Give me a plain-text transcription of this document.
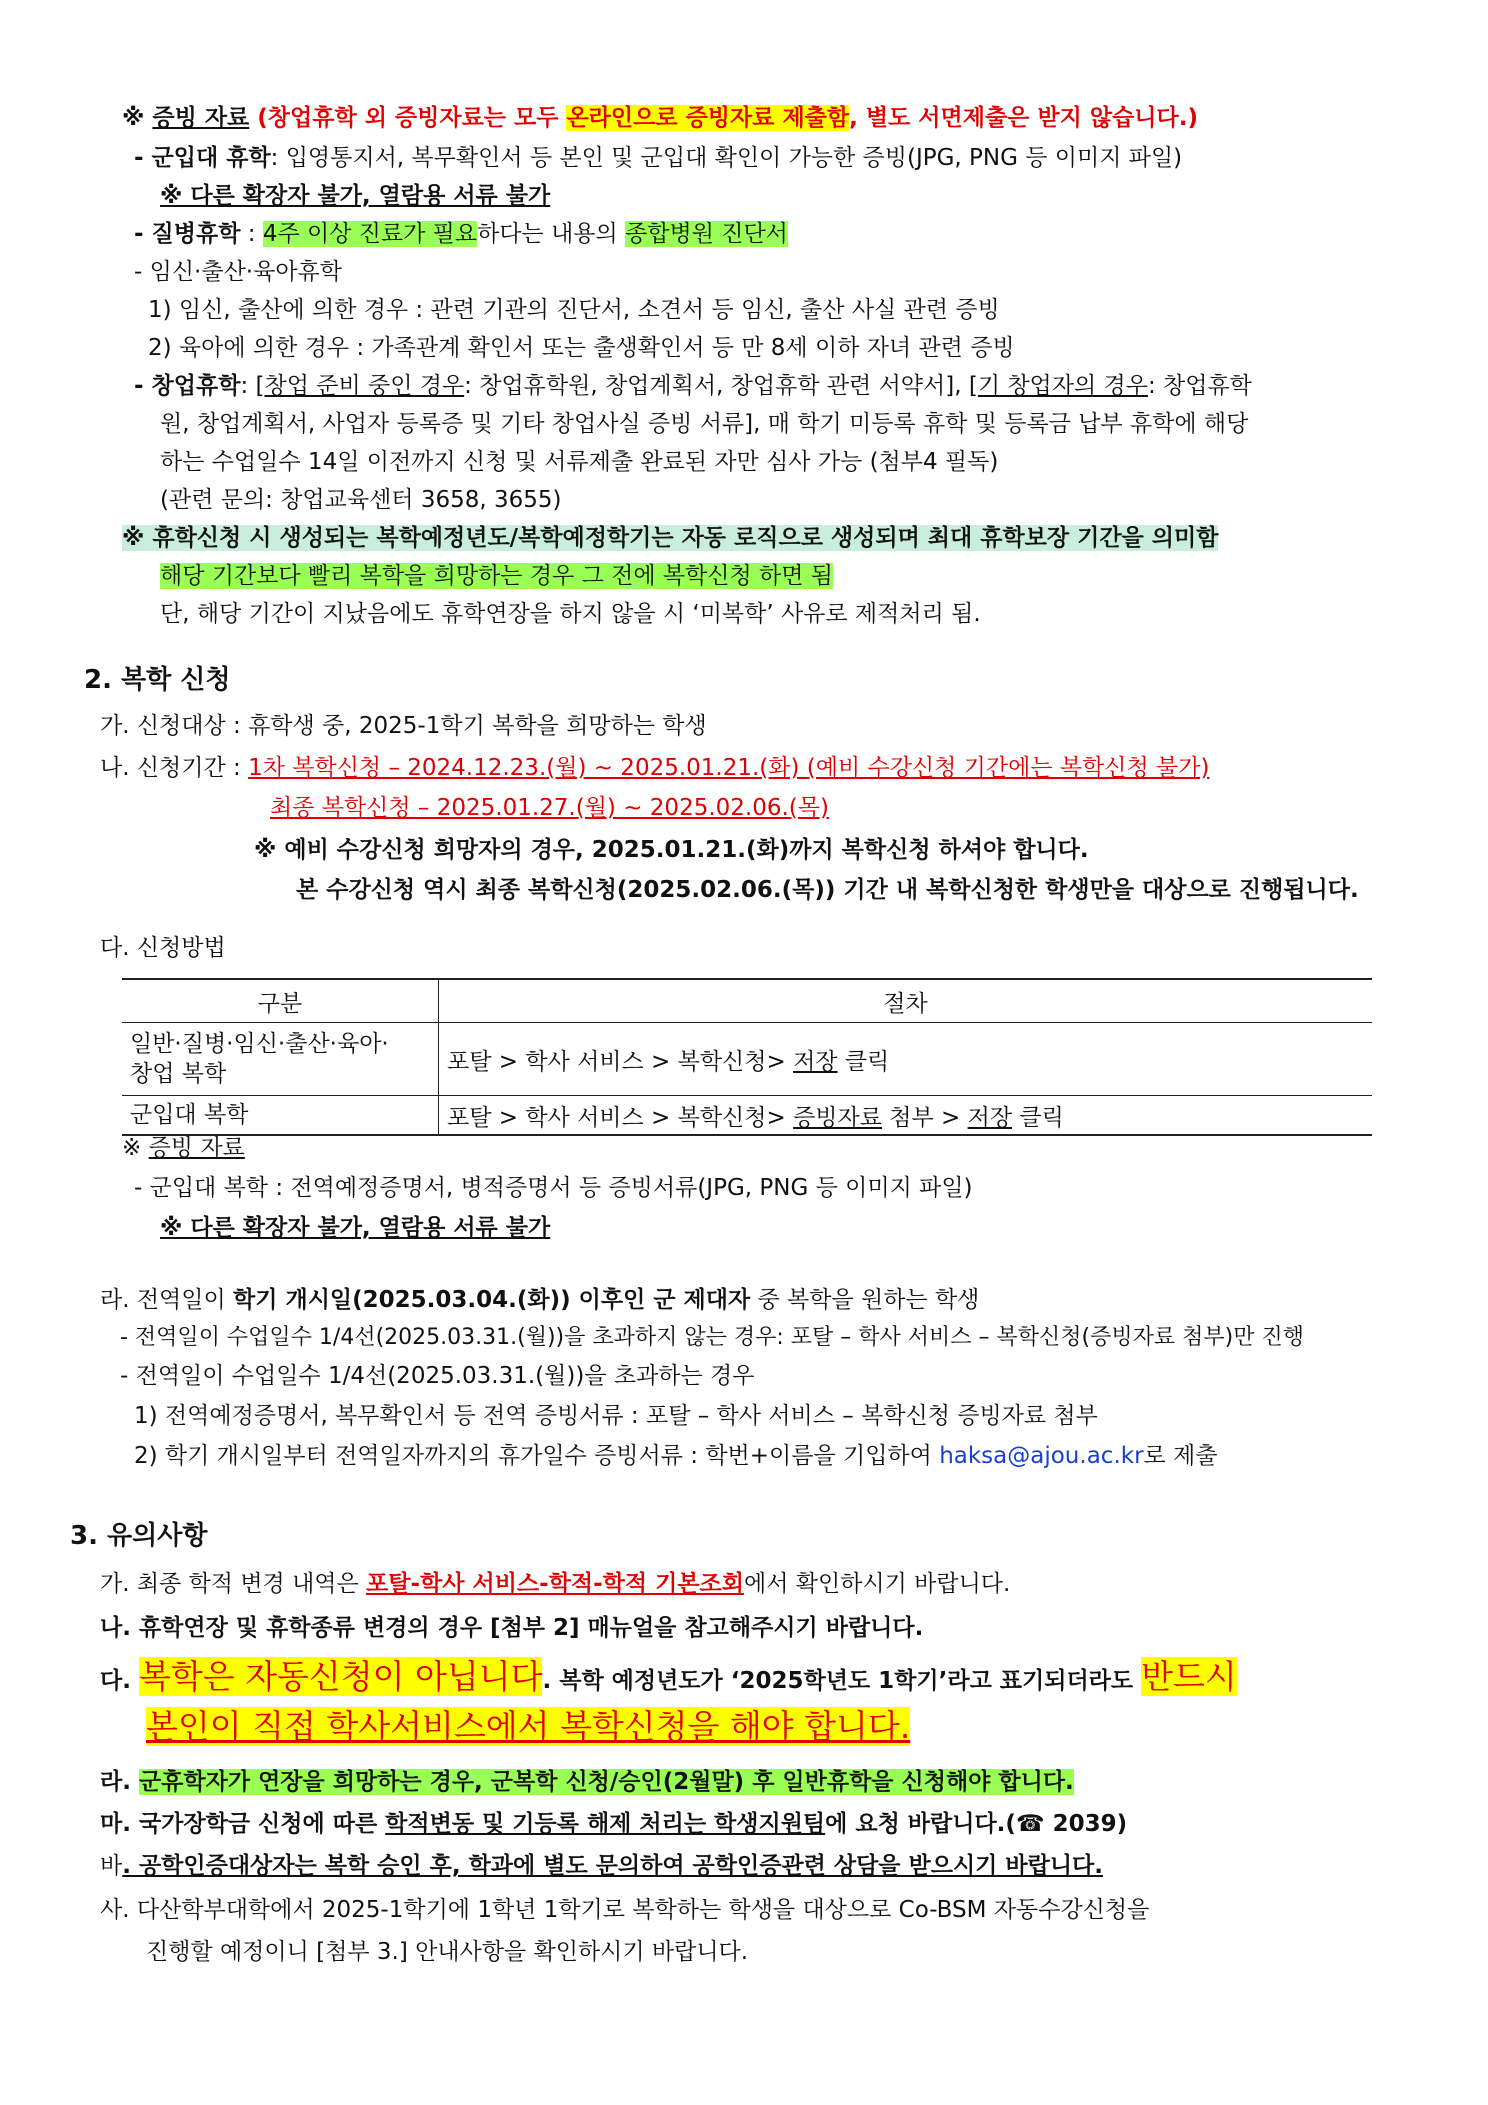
※ 증빙 자료 (창업휴학 외 증빙자료는 모두 온라인으로 증빙자료 제출함, 별도 서면제출은 받지 않습니다.)
- 군입대 휴학: 입영통지서, 복무확인서 등 본인 및 군입대 확인이 가능한 증빙(JPG, PNG 등 이미지 파일)
※ 다른 확장자 불가, 열람용 서류 불가
- 질병휴학 : 4주 이상 진료가 필요하다는 내용의 종합병원 진단서
- 임신·출산·육아휴학
1) 임신, 출산에 의한 경우 : 관련 기관의 진단서, 소견서 등 임신, 출산 사실 관련 증빙
2) 육아에 의한 경우 : 가족관계 확인서 또는 출생확인서 등 만 8세 이하 자녀 관련 증빙
- 창업휴학: [창업 준비 중인 경우: 창업휴학원, 창업계획서, 창업휴학 관련 서약서], [기 창업자의 경우: 창업휴학
원, 창업계획서, 사업자 등록증 및 기타 창업사실 증빙 서류], 매 학기 미등록 휴학 및 등록금 납부 휴학에 해당
하는 수업일수 14일 이전까지 신청 및 서류제출 완료된 자만 심사 가능 (첨부4 필독)
(관련 문의: 창업교육센터 3658, 3655)
※ 휴학신청 시 생성되는 복학예정년도/복학예정학기는 자동 로직으로 생성되며 최대 휴학보장 기간을 의미함
해당 기간보다 빨리 복학을 희망하는 경우 그 전에 복학신청 하면 됨
단, 해당 기간이 지났음에도 휴학연장을 하지 않을 시 ‘미복학’ 사유로 제적처리 됨.
2. 복학 신청
가. 신청대상 : 휴학생 중, 2025-1학기 복학을 희망하는 학생
나. 신청기간 : 1차 복학신청 – 2024.12.23.(월) ~ 2025.01.21.(화) (예비 수강신청 기간에는 복학신청 불가)
최종 복학신청 – 2025.01.27.(월) ~ 2025.02.06.(목)
※ 예비 수강신청 희망자의 경우, 2025.01.21.(화)까지 복학신청 하셔야 합니다.
본 수강신청 역시 최종 복학신청(2025.02.06.(목)) 기간 내 복학신청한 학생만을 대상으로 진행됩니다.
다. 신청방법
구분	절차

일반·질병·임신·출산·육아·
창업 복학	포탈 > 학사 서비스 > 복학신청> 저장 클릭
군입대 복학	포탈 > 학사 서비스 > 복학신청> 증빙자료 첨부 > 저장 클릭
※ 증빙 자료
- 군입대 복학 : 전역예정증명서, 병적증명서 등 증빙서류(JPG, PNG 등 이미지 파일)
※ 다른 확장자 불가, 열람용 서류 불가
라. 전역일이 학기 개시일(2025.03.04.(화)) 이후인 군 제대자 중 복학을 원하는 학생
- 전역일이 수업일수 1/4선(2025.03.31.(월))을 초과하지 않는 경우: 포탈 – 학사 서비스 – 복학신청(증빙자료 첨부)만 진행
- 전역일이 수업일수 1/4선(2025.03.31.(월))을 초과하는 경우
1) 전역예정증명서, 복무확인서 등 전역 증빙서류 : 포탈 – 학사 서비스 – 복학신청 증빙자료 첨부
2) 학기 개시일부터 전역일자까지의 휴가일수 증빙서류 : 학번+이름을 기입하여 haksa@ajou.ac.kr로 제출
3. 유의사항
가. 최종 학적 변경 내역은 포탈-학사 서비스-학적-학적 기본조회에서 확인하시기 바랍니다.
나. 휴학연장 및 휴학종류 변경의 경우 [첨부 2] 매뉴얼을 참고해주시기 바랍니다.
다. 복학은 자동신청이 아닙니다. 복학 예정년도가 ‘2025학년도 1학기’라고 표기되더라도 반드시
본인이 직접 학사서비스에서 복학신청을 해야 합니다.
라. 군휴학자가 연장을 희망하는 경우, 군복학 신청/승인(2월말) 후 일반휴학을 신청해야 합니다.
마. 국가장학금 신청에 따른 학적변동 및 기등록 해제 처리는 학생지원팀에 요청 바랍니다.(☎ 2039)
바. 공학인증대상자는 복학 승인 후, 학과에 별도 문의하여 공학인증관련 상담을 받으시기 바랍니다.
사. 다산학부대학에서 2025-1학기에 1학년 1학기로 복학하는 학생을 대상으로 Co-BSM 자동수강신청을
진행할 예정이니 [첨부 3.] 안내사항을 확인하시기 바랍니다.
